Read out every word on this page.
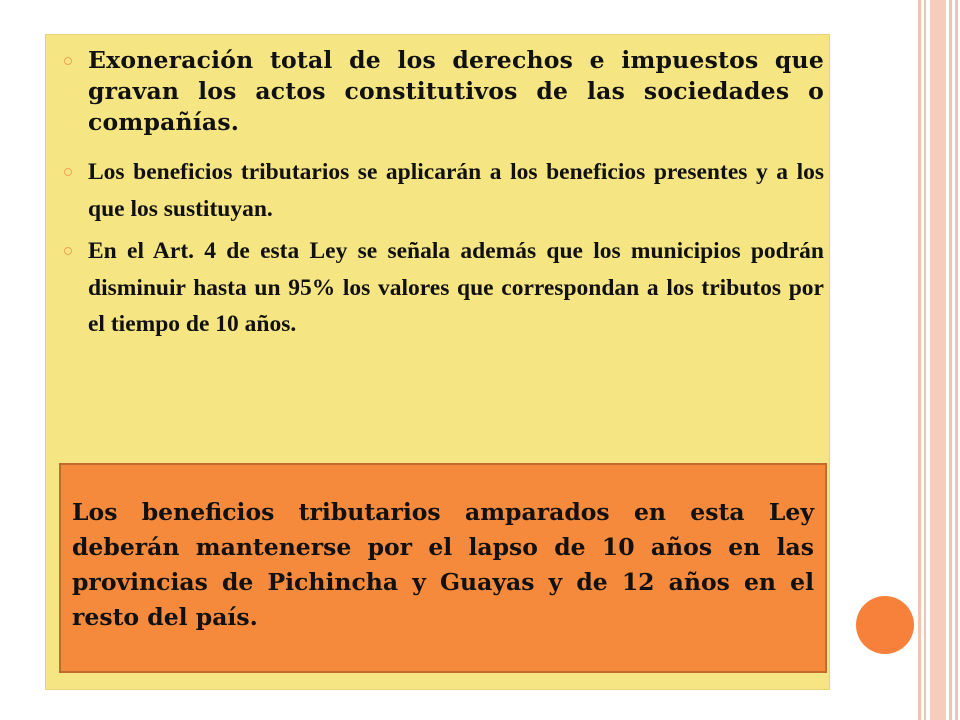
Exoneración total de los derechos e impuestos que gravan los actos constitutivos de las sociedades o compañías.
Los beneficios tributarios se aplicarán a los beneficios presentes y a los que los sustituyan.
En el Art. 4 de esta Ley se señala además que los municipios podrán disminuir hasta un 95% los valores que correspondan a los tributos por el tiempo de 10 años.

Los beneficios tributarios amparados en esta Ley deberán mantenerse por el lapso de 10 años en las provincias de Pichincha y Guayas y de 12 años en el resto del país.
